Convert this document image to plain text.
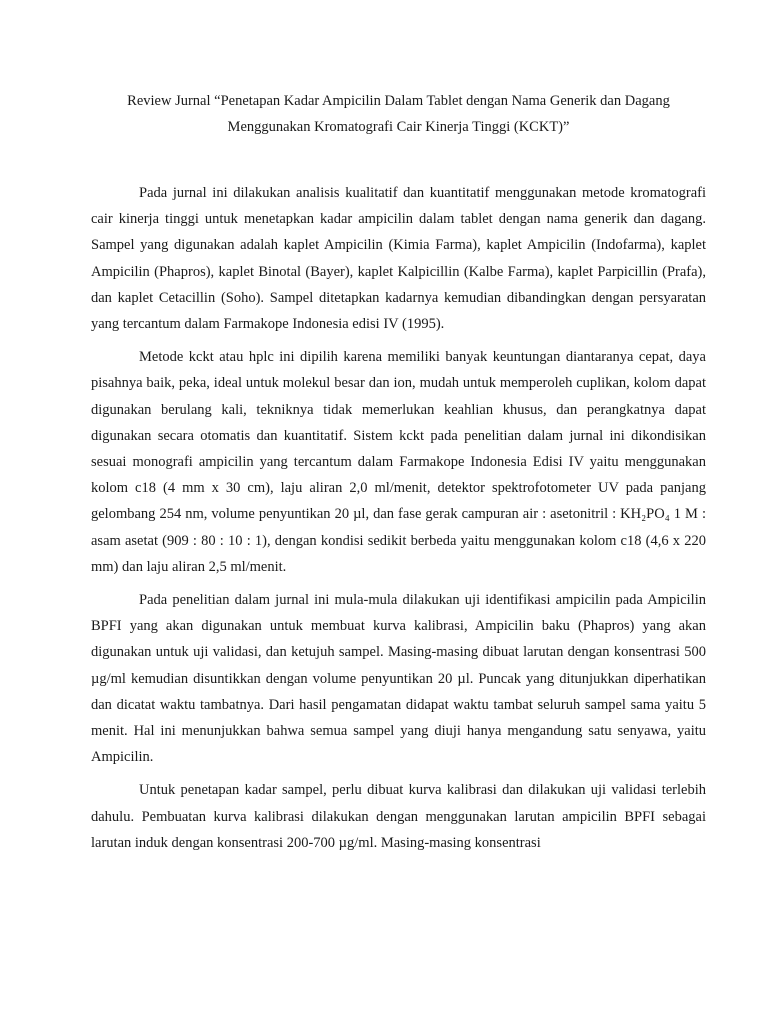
Review Jurnal “Penetapan Kadar Ampicilin Dalam Tablet dengan Nama Generik dan Dagang
Menggunakan Kromatografi Cair Kinerja Tinggi (KCKT)”

Pada jurnal ini dilakukan analisis kualitatif dan kuantitatif menggunakan metode kromatografi cair kinerja tinggi untuk menetapkan kadar ampicilin dalam tablet dengan nama generik dan dagang. Sampel yang digunakan adalah kaplet Ampicilin (Kimia Farma), kaplet Ampicilin (Indofarma), kaplet Ampicilin (Phapros), kaplet Binotal (Bayer), kaplet Kalpicillin (Kalbe Farma), kaplet Parpicillin (Prafa), dan kaplet Cetacillin (Soho). Sampel ditetapkan kadarnya kemudian dibandingkan dengan persyaratan yang tercantum dalam Farmakope Indonesia edisi IV (1995).

Metode kckt atau hplc ini dipilih karena memiliki banyak keuntungan diantaranya cepat, daya pisahnya baik, peka, ideal untuk molekul besar dan ion, mudah untuk memperoleh cuplikan, kolom dapat digunakan berulang kali, tekniknya tidak memerlukan keahlian khusus, dan perangkatnya dapat digunakan secara otomatis dan kuantitatif. Sistem kckt pada penelitian dalam jurnal ini dikondisikan sesuai monografi ampicilin yang tercantum dalam Farmakope Indonesia Edisi IV yaitu menggunakan kolom c18 (4 mm x 30 cm), laju aliran 2,0 ml/menit, detektor spektrofotometer UV pada panjang gelombang 254 nm, volume penyuntikan 20 µl, dan fase gerak campuran air : asetonitril : KH₂PO₄ 1 M : asam asetat (909 : 80 : 10 : 1), dengan kondisi sedikit berbeda yaitu menggunakan kolom c18 (4,6 x 220 mm) dan laju aliran 2,5 ml/menit.

Pada penelitian dalam jurnal ini mula-mula dilakukan uji identifikasi ampicilin pada Ampicilin BPFI yang akan digunakan untuk membuat kurva kalibrasi, Ampicilin baku (Phapros) yang akan digunakan untuk uji validasi, dan ketujuh sampel. Masing-masing dibuat larutan dengan konsentrasi 500 µg/ml kemudian disuntikkan dengan volume penyuntikan 20 µl. Puncak yang ditunjukkan diperhatikan dan dicatat waktu tambatnya. Dari hasil pengamatan didapat waktu tambat seluruh sampel sama yaitu 5 menit. Hal ini menunjukkan bahwa semua sampel yang diuji hanya mengandung satu senyawa, yaitu Ampicilin.

Untuk penetapan kadar sampel, perlu dibuat kurva kalibrasi dan dilakukan uji validasi terlebih dahulu. Pembuatan kurva kalibrasi dilakukan dengan menggunakan larutan ampicilin BPFI sebagai larutan induk dengan konsentrasi 200-700 µg/ml. Masing-masing konsentrasi
